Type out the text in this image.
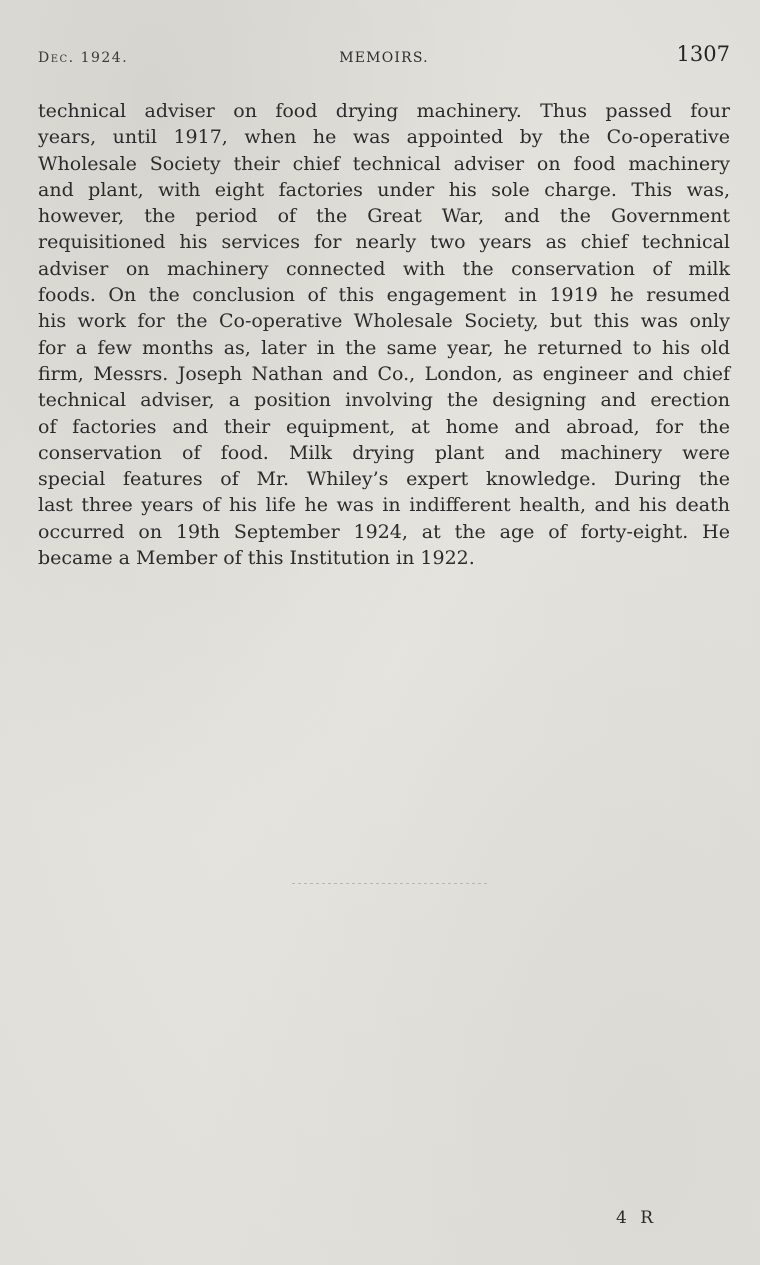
Dec. 1924.	MEMOIRS.	1307
technical adviser on food drying machinery. Thus passed four
years, until 1917, when he was appointed by the Co-operative
Wholesale Society their chief technical adviser on food machinery
and plant, with eight factories under his sole charge. This was,
however, the period of the Great War, and the Government
requisitioned his services for nearly two years as chief technical
adviser on machinery connected with the conservation of milk
foods. On the conclusion of this engagement in 1919 he resumed
his work for the Co-operative Wholesale Society, but this was only
for a few months as, later in the same year, he returned to his old
firm, Messrs. Joseph Nathan and Co., London, as engineer and chief
technical adviser, a position involving the designing and erection
of factories and their equipment, at home and abroad, for the
conservation of food. Milk drying plant and machinery were
special features of Mr. Whiley’s expert knowledge. During the
last three years of his life he was in indifferent health, and his death
occurred on 19th September 1924, at the age of forty-eight. He
became a Member of this Institution in 1922.
4 R
